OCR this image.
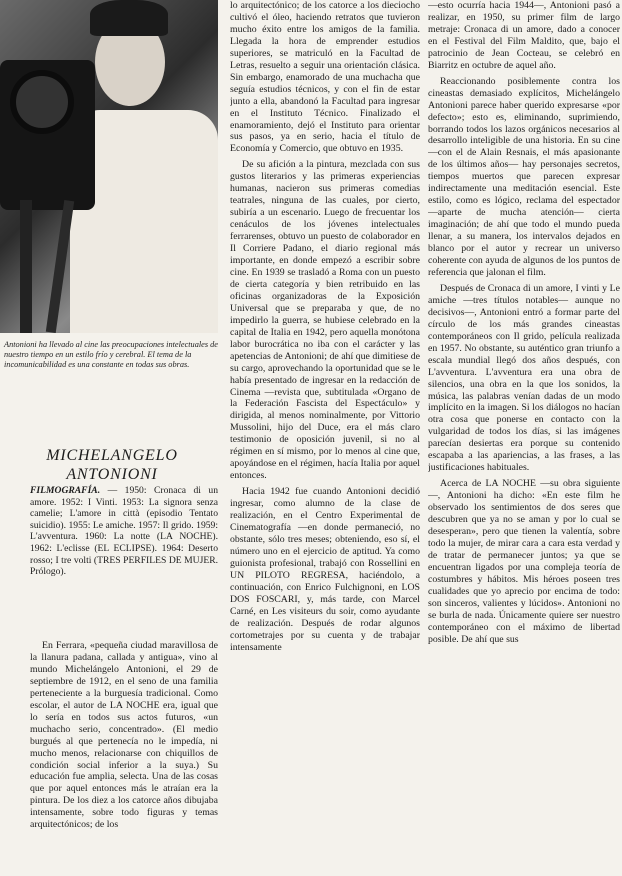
Antonioni ha llevado al cine las preocupaciones intelectuales de nuestro tiempo en un estilo frío y cerebral. El tema de la incomunicabilidad es una constante en todas sus obras.
MICHELANGELO ANTONIONI
FILMOGRAFÍA. — 1950: Cronaca di un amore. 1952: I Vinti. 1953: La signora senza camelie; L'amore in città (episodio Tentato suicidio). 1955: Le amiche. 1957: Il grido. 1959: L'avventura. 1960: La notte (LA NOCHE). 1962: L'eclisse (EL ECLIPSE). 1964: Deserto rosso; I tre volti (TRES PERFILES DE MUJER. Prólogo).

En Ferrara, «pequeña ciudad maravillosa de la llanura padana, callada y antigua», vino al mundo Michelángelo Antonioni, el 29 de septiembre de 1912, en el seno de una familia perteneciente a la burguesía tradicional. Como escolar, el autor de LA NOCHE era, igual que lo sería en todos sus actos futuros, «un muchacho serio, concentrado». (El medio burgués al que pertenecía no le impedía, ni mucho menos, relacionarse con chiquillos de condición social inferior a la suya.) Su educación fue amplia, selecta. Una de las cosas que por aquel entonces más le atraían era la pintura. De los diez a los catorce años dibujaba intensamente, sobre todo figuras y temas arquitectónicos; de los

lo arquitectónico; de los catorce a los dieciocho cultivó el óleo, haciendo retratos que tuvieron mucho éxito entre los amigos de la familia. Llegada la hora de emprender estudios superiores, se matriculó en la Facultad de Letras, resuelto a seguir una orientación clásica. Sin embargo, enamorado de una muchacha que seguía estudios técnicos, y con el fin de estar junto a ella, abandonó la Facultad para ingresar en el Instituto Técnico. Finalizado el enamoramiento, dejó el Instituto para orientar sus pasos, ya en serio, hacia el título de Economía y Comercio, que obtuvo en 1935.

De su afición a la pintura, mezclada con sus gustos literarios y las primeras experiencias humanas, nacieron sus primeras comedias teatrales, ninguna de las cuales, por cierto, subiría a un escenario. Luego de frecuentar los cenáculos de los jóvenes intelectuales ferrarenses, obtuvo un puesto de colaborador en Il Corriere Padano, el diario regional más importante, en donde empezó a escribir sobre cine. En 1939 se trasladó a Roma con un puesto de cierta categoría y bien retribuido en las oficinas organizadoras de la Exposición Universal que se preparaba y que, de no impedirlo la guerra, se hubiese celebrado en la capital de Italia en 1942, pero aquella monótona labor burocrática no iba con el carácter y las apetencias de Antonioni; de ahí que dimitiese de su cargo, aprovechando la oportunidad que se le había presentado de ingresar en la redacción de Cinema —revista que, subtitulada «Organo de la Federación Fascista del Espectáculo» y dirigida, al menos nominalmente, por Vittorio Mussolini, hijo del Duce, era el más claro testimonio de oposición juvenil, si no al régimen en sí mismo, por lo menos al cine que, apoyándose en el régimen, hacía Italia por aquel entonces.

Hacia 1942 fue cuando Antonioni decidió ingresar, como alumno de la clase de realización, en el Centro Experimental de Cinematografía —en donde permaneció, no obstante, sólo tres meses; obteniendo, eso sí, el número uno en el ejercicio de aptitud. Ya como guionista profesional, trabajó con Rossellini en UN PILOTO REGRESA, haciéndolo, a continuación, con Enrico Fulchignoni, en LOS DOS FOSCARI, y, más tarde, con Marcel Carné, en Les visiteurs du soir, como ayudante de realización. Después de rodar algunos cortometrajes por su cuenta y de trabajar intensamente

—esto ocurría hacia 1944—, Antonioni pasó a realizar, en 1950, su primer film de largo metraje: Cronaca di un amore, dado a conocer en el Festival del Film Maldito, que, bajo el patrocinio de Jean Cocteau, se celebró en Biarritz en octubre de aquel año.

Reaccionando posiblemente contra los cineastas demasiado explícitos, Michelángelo Antonioni parece haber querido expresarse «por defecto»; esto es, eliminando, suprimiendo, borrando todos los lazos orgánicos necesarios al desarrollo inteligible de una historia. En su cine —con el de Alain Resnais, el más apasionante de los últimos años— hay personajes secretos, tiempos muertos que parecen expresar indirectamente una meditación esencial. Este estilo, como es lógico, reclama del espectador —aparte de mucha atención— cierta imaginación; de ahí que todo el mundo pueda llenar, a su manera, los intervalos dejados en blanco por el autor y recrear un universo coherente con ayuda de algunos de los puntos de referencia que jalonan el film.

Después de Cronaca di un amore, I vinti y Le amiche —tres títulos notables— aunque no decisivos—, Antonioni entró a formar parte del círculo de los más grandes cineastas contemporáneos con Il grido, película realizada en 1957. No obstante, su auténtico gran triunfo a escala mundial llegó dos años después, con L'avventura. L'avventura era una obra de silencios, una obra en la que los sonidos, la música, las palabras venían dadas de un modo implícito en la imagen. Si los diálogos no hacían otra cosa que ponerse en contacto con la vulgaridad de todos los días, si las imágenes parecían desiertas era porque su contenido escapaba a las apariencias, a las frases, a las justificaciones habituales.

Acerca de LA NOCHE —su obra siguiente—, Antonioni ha dicho: «En este film he observado los sentimientos de dos seres que descubren que ya no se aman y por lo cual se desesperan», pero que tienen la valentía, sobre todo la mujer, de mirar cara a cara esta verdad y de tratar de permanecer juntos; ya que se encuentran ligados por una compleja teoría de costumbres y hábitos. Mis héroes poseen tres cualidades que yo aprecio por encima de todo: son sinceros, valientes y lúcidos». Antonioni no se burla de nada. Únicamente quiere ser nuestro contemporáneo con el máximo de libertad posible. De ahí que sus
